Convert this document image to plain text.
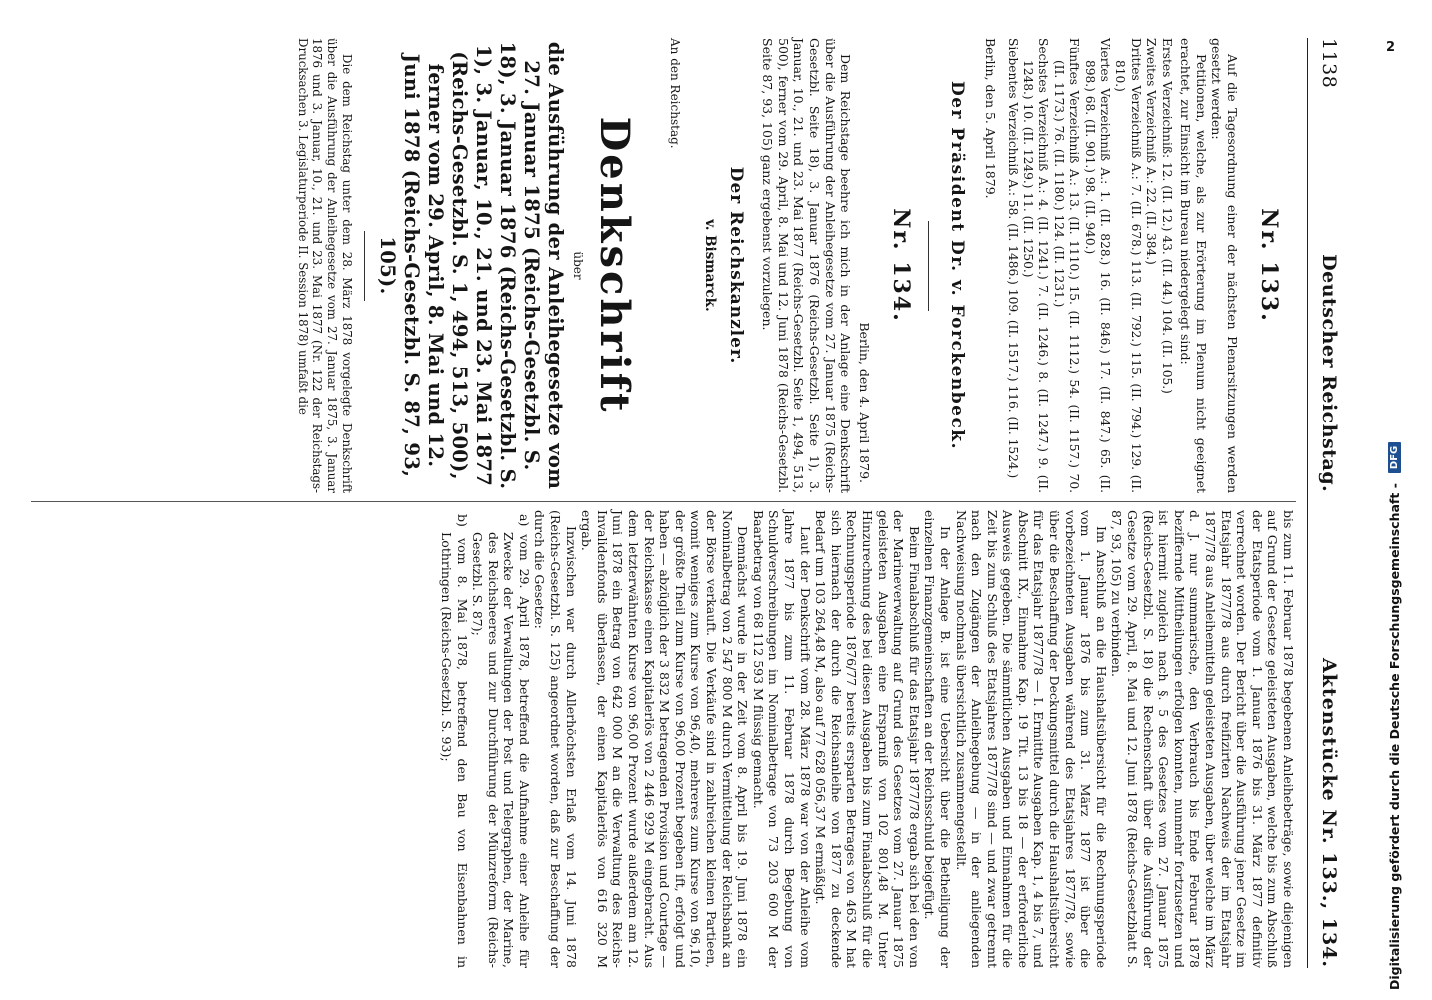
1138
Deutscher Reichstag.
Aktenstücke Nr. 133., 134.
Nr. 133.

Auf die Tagesordnung einer der nächsten Plenarsitzungen werden gesetzt werden:

Petitionen, welche, als zur Erörterung im Plenum nicht geeignet erachtet, zur Einsicht im Bureau niedergelegt sind:

Erstes Verzeichniß: 12. (II. 12.) 43. (II. 44.) 104. (II. 105.)
Zweites Verzeichniß A.: 22. (II. 384.)
Drittes Verzeichniß A.: 7. (II. 678.) 113. (II. 792.) 115. (II. 794.) 129. (II. 810.)
Viertes Verzeichniß A.: 1. (II. 828.) 16. (II. 846.) 17. (II. 847.) 65. (II. 898.) 68. (II. 901.) 98. (II. 940.)
Fünftes Verzeichniß A.: 13. (II. 1110.) 15. (II. 1112.) 54. (II. 1157.) 70. (II. 1173.) 76. (II. 1180.) 124. (II. 1231.)
Sechstes Verzeichniß A.: 4. (II. 1241.) 7. (II. 1246.) 8. (II. 1247.) 9. (II. 1248.) 10. (II. 1249.) 11. (II. 1250.)
Siebentes Verzeichniß A.: 58. (II. 1486.) 109. (II. 1517.) 116. (II. 1524.)
Berlin, den 5. April 1879.
Der Präsident Dr. v. Forckenbeck.
Nr. 134.
Berlin, den 4. April 1879.

Dem Reichstage beehre ich mich in der Anlage eine Denkschrift über die Ausführung der Anleihegesetze vom 27. Januar 1875 (Reichs-Gesetzbl. Seite 18), 3. Januar 1876 (Reichs-Gesetzbl. Seite 1), 3. Januar, 10., 21. und 23. Mai 1877 (Reichs-Gesetzbl. Seite 1, 494, 513, 500), ferner vom 29. April, 8. Mai und 12. Juni 1878 (Reichs-Gesetzbl. Seite 87, 93, 105) ganz ergebenst vorzulegen.

Der Reichskanzler.
v. Bismarck.
An den Reichstag.
Denkschrift
über
die Ausführung der Anleihegesetze vom 27. Januar 1875 (Reichs-Gesetzbl. S. 18), 3. Januar 1876 (Reichs-Gesetzbl. S. 1), 3. Januar, 10., 21. und 23. Mai 1877 (Reichs-Gesetzbl. S. 1, 494, 513, 500), ferner vom 29. April, 8. Mai und 12. Juni 1878 (Reichs-Gesetzbl. S. 87, 93, 105).

Die dem Reichstag unter dem 28. März 1878 vorgelegte Denkschrift über die Ausführung der Anleihegesetze vom 27. Januar 1875, 3. Januar 1876 und 3. Januar, 10., 21. und 23. Mai 1877 (Nr. 122 der Reichstags-Drucksachen 3. Legislaturperiode II. Session 1878) umfaßt die

bis zum 11. Februar 1878 begebenen Anleihebeträge, sowie diejenigen auf Grund der Gesetze geleisteten Ausgaben, welche bis zum Abschluß der Etatsperiode vom 1. Januar 1876 bis 31. März 1877 definitiv verrechnet worden. Der Bericht über die Ausführung jener Gesetze im Etatsjahr 1877/78 aus durch freifizirten Nachweis der im Etatsjahr 1877/78 aus Anleihemitteln geleisteten Ausgaben, über welche im März d. J. nur summarische, den Verbrauch bis Ende Februar 1878 beziffernde Mittheilungen erfolgen konnten, nunmehr fortzusetzen und ist hiermit zugleich nach §. 5 des Gesetzes vom 27. Januar 1875 (Reichs-Gesetzbl. S. 18) die Rechenschaft über die Ausführung der Gesetze vom 29. April, 8. Mai und 12. Juni 1878 (Reichs-Gesetzblatt S. 87, 93, 105) zu verbinden.

Im Anschluß an die Haushaltsübersicht für die Rechnungsperiode vom 1. Januar 1876 bis zum 31. März 1877 ist über die vorbezeichneten Ausgaben während des Etatsjahres 1877/78, sowie über die Beschaffung der Deckungsmittel durch die Haushaltsübersicht für das Etatsjahr 1877/78 — I. Ermittlte Ausgaben Kap. 1, 4 bis 7, und Abschnitt IX., Einnahme Kap. 19 Tit. 13 bis 18 — der erforderliche Ausweis gegeben. Die sämmtlichen Ausgaben und Einnahmen für die Zeit bis zum Schluß des Etatsjahres 1877/78 sind — und zwar getrennt nach den Zugängen der Anleihegebung — in der anliegenden Nachweisung nochmals übersichtlich zusammengestellt.

In der Anlage B. ist eine Uebersicht über die Betheiligung der einzelnen Finanzgemeinschaften an der Reichsschuld beigefügt.

Beim Finalabschluß für das Etatsjahr 1877/78 ergab sich bei den von der Marineverwaltung auf Grund des Gesetzes vom 27. Januar 1875 geleisteten Ausgaben eine Ersparniß von 102 801,48 M. Unter Hinzurechnung des bei diesen Ausgaben bis zum Finalabschluß für die Rechnungsperiode 1876/77 bereits ersparten Betrages von 463 M hat sich hiernach der durch die Reichsanleihe von 1877 zu deckende Bedarf um 103 264,48 M, also auf 77 628 056,37 M ermäßigt.

Laut der Denkschrift vom 28. März 1878 war von der Anleihe vom Jahre 1877 bis zum 11. Februar 1878 durch Begebung von Schuldverschreibungen im Nominalbetrage von 73 203 600 M der Baarbetrag von 68 112 593 M flüssig gemacht.

Demnächst wurde in der Zeit vom 8. April bis 19. Juni 1878 ein Nominalbetrag von 2 547 800 M durch Vermittelung der Reichsbank an der Börse verkauft. Die Verkäufe sind in zahlreichen kleinen Partieen, womit weniges zum Kurse von 96,40, mehreres zum Kurse von 96,10, der größte Theil zum Kurse von 96,00 Prozent begeben ift, erfolgt und haben — abzüglich der 3 832 M betragenden Provision und Courtage — der Reichskasse einen Kapitalerlös von 2 446 929 M eingebracht. Aus dem letzterwähnten Kurse von 96,00 Prozent wurde außerdem am 12. Juni 1878 ein Betrag von 642 000 M an die Verwaltung des Reichs-Invalidenfonds überlassen, der einen Kapitalerlös von 616 320 M ergab.

Inzwischen war durch Allerhöchsten Erlaß vom 14. Juni 1878 (Reichs-Gesetzbl. S. 125) angeordnet worden, daß zur Beschaffung der durch die Gesetze:

a) vom 29. April 1878, betreffend die Aufnahme einer Anleihe für Zwecke der Verwaltungen der Post und Telegraphen, der Marine, des Reichsheeres und zur Durchführung der Münzreform (Reichs-Gesetzbl. S. 87);
b) vom 8. Mai 1878, betreffend den Bau von Eisenbahnen in Lothringen (Reichs-Gesetzbl. S. 93);
2
Digitalisierung gefördert durch die Deutsche Forschungsgemeinschaft -
DFG
